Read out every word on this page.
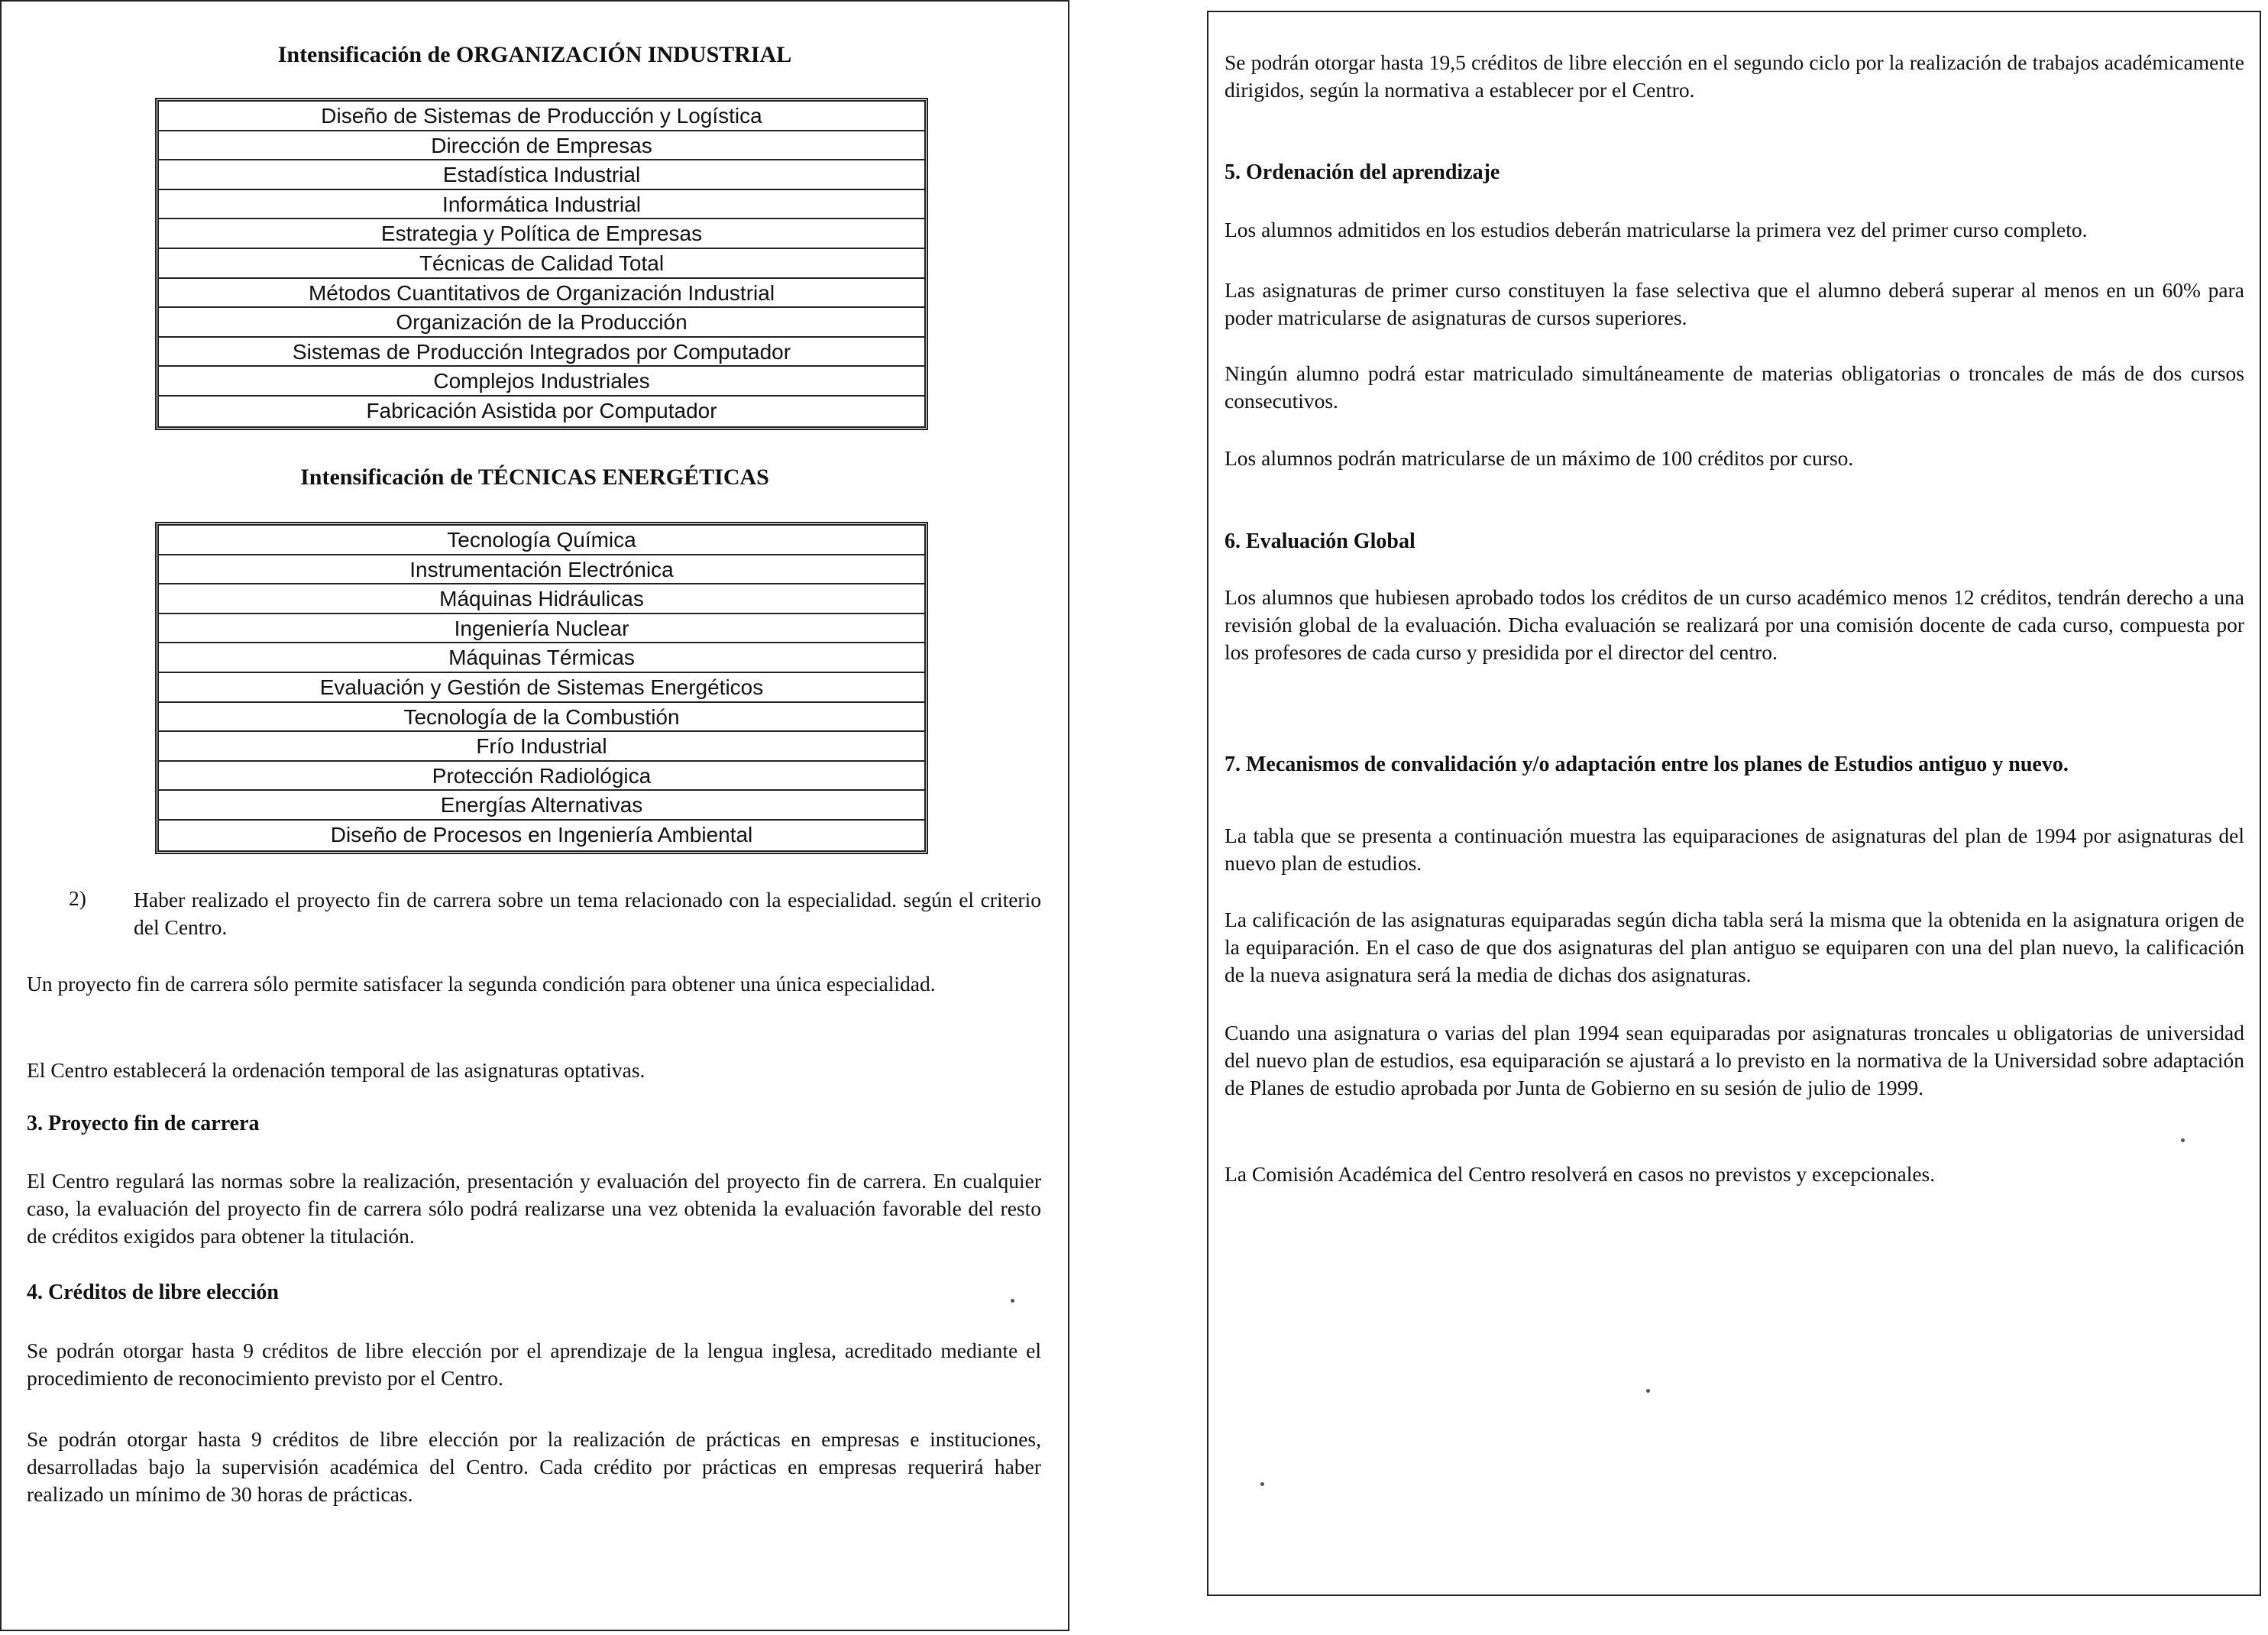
Intensificación de ORGANIZACIÓN INDUSTRIAL
Diseño de Sistemas de Producción y Logística
Dirección de Empresas
Estadística Industrial
Informática Industrial
Estrategia y Política de Empresas
Técnicas de Calidad Total
Métodos Cuantitativos de Organización Industrial
Organización de la Producción
Sistemas de Producción Integrados por Computador
Complejos Industriales
Fabricación Asistida por Computador
Intensificación de TÉCNICAS ENERGÉTICAS
Tecnología Química
Instrumentación Electrónica
Máquinas Hidráulicas
Ingeniería Nuclear
Máquinas Térmicas
Evaluación y Gestión de Sistemas Energéticos
Tecnología de la Combustión
Frío Industrial
Protección Radiológica
Energías Alternativas
Diseño de Procesos en Ingeniería Ambiental
2) Haber realizado el proyecto fin de carrera sobre un tema relacionado con la especialidad. según el criterio del Centro.
Un proyecto fin de carrera sólo permite satisfacer la segunda condición para obtener una única especialidad.
El Centro establecerá la ordenación temporal de las asignaturas optativas.
3. Proyecto fin de carrera
El Centro regulará las normas sobre la realización, presentación y evaluación del proyecto fin de carrera. En cualquier caso, la evaluación del proyecto fin de carrera sólo podrá realizarse una vez obtenida la evaluación favorable del resto de créditos exigidos para obtener la titulación.
4. Créditos de libre elección
Se podrán otorgar hasta 9 créditos de libre elección por el aprendizaje de la lengua inglesa, acreditado mediante el procedimiento de reconocimiento previsto por el Centro.
Se podrán otorgar hasta 9 créditos de libre elección por la realización de prácticas en empresas e instituciones, desarrolladas bajo la supervisión académica del Centro. Cada crédito por prácticas en empresas requerirá haber realizado un mínimo de 30 horas de prácticas.
Se podrán otorgar hasta 19,5 créditos de libre elección en el segundo ciclo por la realización de trabajos académicamente dirigidos, según la normativa a establecer por el Centro.
5. Ordenación del aprendizaje
Los alumnos admitidos en los estudios deberán matricularse la primera vez del primer curso completo.
Las asignaturas de primer curso constituyen la fase selectiva que el alumno deberá superar al menos en un 60% para poder matricularse de asignaturas de cursos superiores.
Ningún alumno podrá estar matriculado simultáneamente de materias obligatorias o troncales de más de dos cursos consecutivos.
Los alumnos podrán matricularse de un máximo de 100 créditos por curso.
6. Evaluación Global
Los alumnos que hubiesen aprobado todos los créditos de un curso académico menos 12 créditos, tendrán derecho a una revisión global de la evaluación. Dicha evaluación se realizará por una comisión docente de cada curso, compuesta por los profesores de cada curso y presidida por el director del centro.
7. Mecanismos de convalidación y/o adaptación entre los planes de Estudios antiguo y nuevo.
La tabla que se presenta a continuación muestra las equiparaciones de asignaturas del plan de 1994 por asignaturas del nuevo plan de estudios.
La calificación de las asignaturas equiparadas según dicha tabla será la misma que la obtenida en la asignatura origen de la equiparación. En el caso de que dos asignaturas del plan antiguo se equiparen con una del plan nuevo, la calificación de la nueva asignatura será la media de dichas dos asignaturas.
Cuando una asignatura o varias del plan 1994 sean equiparadas por asignaturas troncales u obligatorias de universidad del nuevo plan de estudios, esa equiparación se ajustará a lo previsto en la normativa de la Universidad sobre adaptación de Planes de estudio aprobada por Junta de Gobierno en su sesión de julio de 1999.
La Comisión Académica del Centro resolverá en casos no previstos y excepcionales.
